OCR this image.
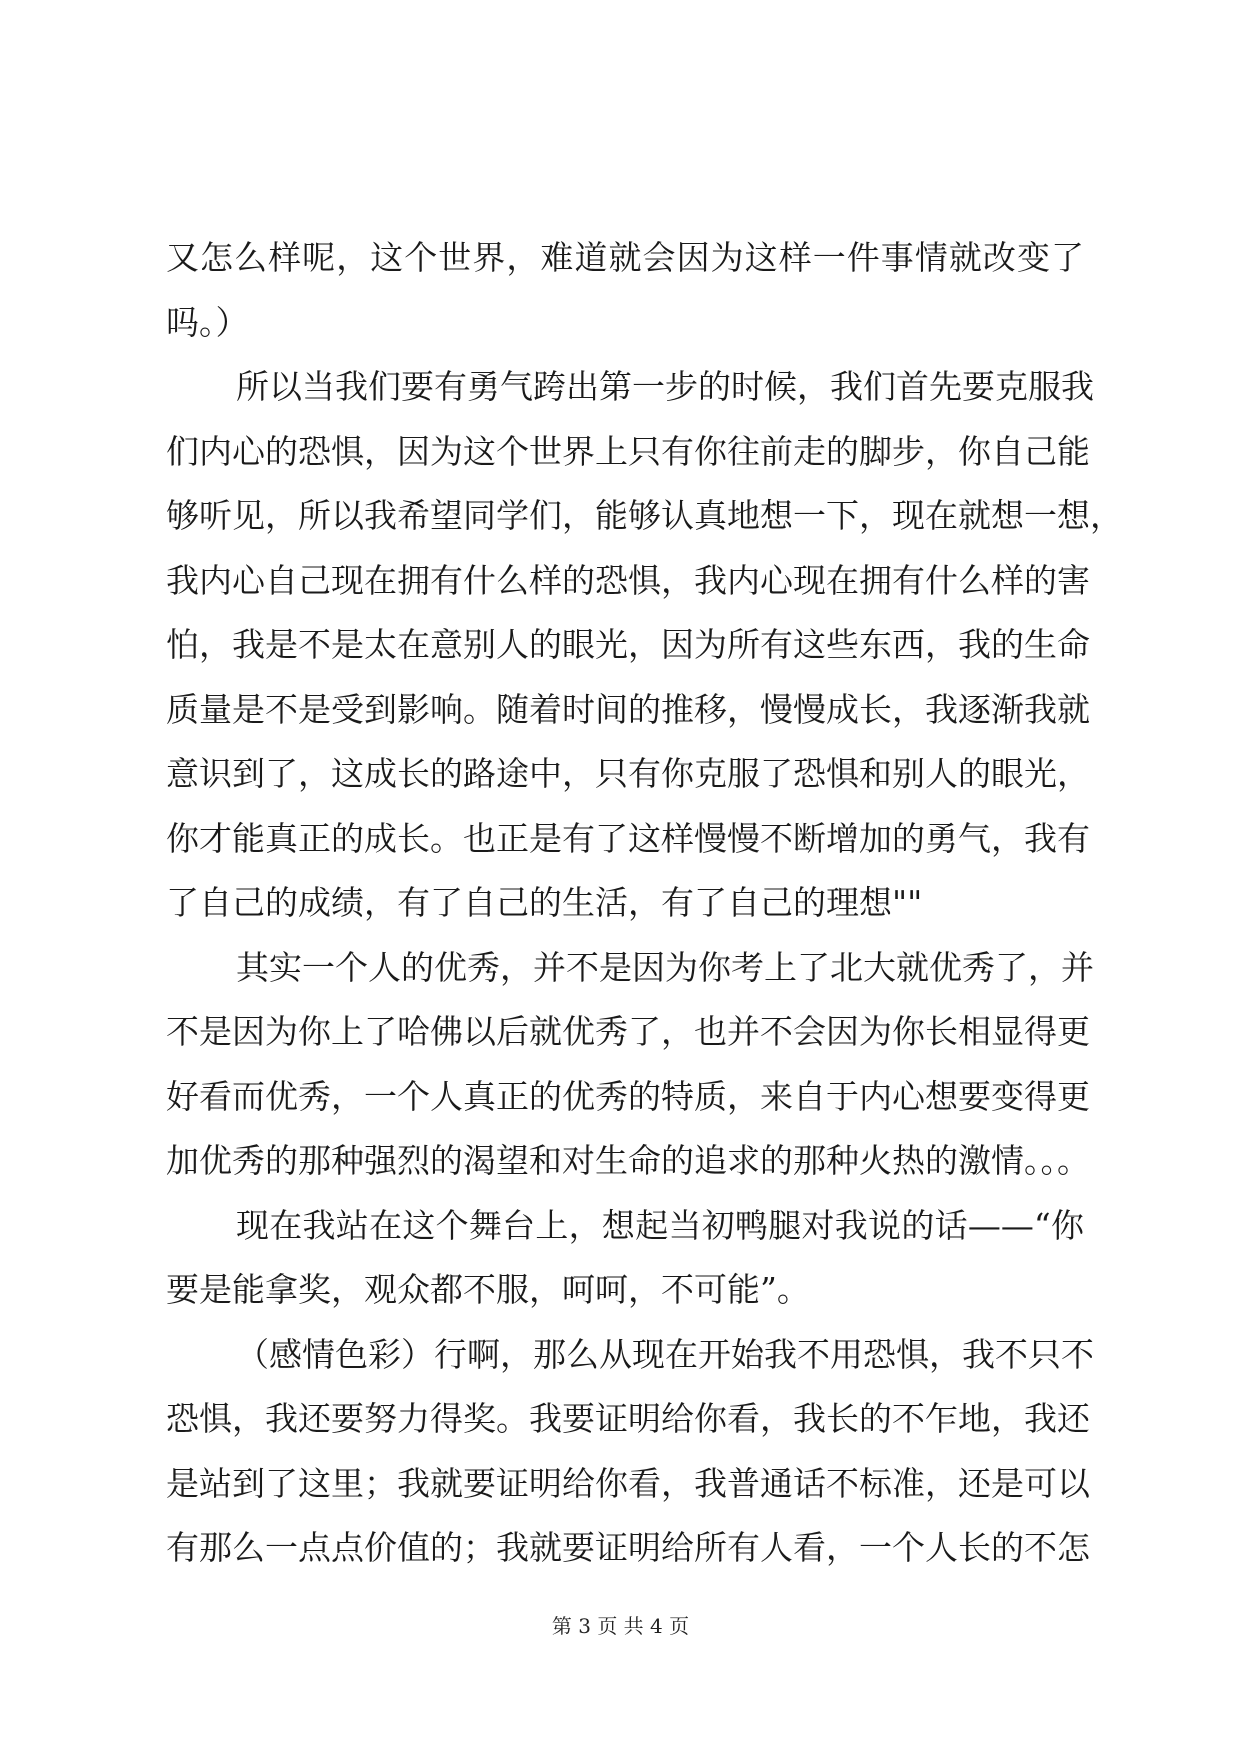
又怎么样呢，这个世界，难道就会因为这样一件事情就改变了
吗。）
所以当我们要有勇气跨出第一步的时候，我们首先要克服我
们内心的恐惧，因为这个世界上只有你往前走的脚步，你自己能
够听见，所以我希望同学们，能够认真地想一下，现在就想一想，
我内心自己现在拥有什么样的恐惧，我内心现在拥有什么样的害
怕，我是不是太在意别人的眼光，因为所有这些东西，我的生命
质量是不是受到影响。随着时间的推移，慢慢成长，我逐渐我就
意识到了，这成长的路途中，只有你克服了恐惧和别人的眼光，
你才能真正的成长。也正是有了这样慢慢不断增加的勇气，我有
了自己的成绩，有了自己的生活，有了自己的理想""
其实一个人的优秀，并不是因为你考上了北大就优秀了，并
不是因为你上了哈佛以后就优秀了，也并不会因为你长相显得更
好看而优秀，一个人真正的优秀的特质，来自于内心想要变得更
加优秀的那种强烈的渴望和对生命的追求的那种火热的激情。。。
现在我站在这个舞台上，想起当初鸭腿对我说的话——“你
要是能拿奖，观众都不服，呵呵，不可能”。
（感情色彩）行啊，那么从现在开始我不用恐惧，我不只不
恐惧，我还要努力得奖。我要证明给你看，我长的不乍地，我还
是站到了这里；我就要证明给你看，我普通话不标准，还是可以
有那么一点点价值的；我就要证明给所有人看，一个人长的不怎
第 3 页 共 4 页
